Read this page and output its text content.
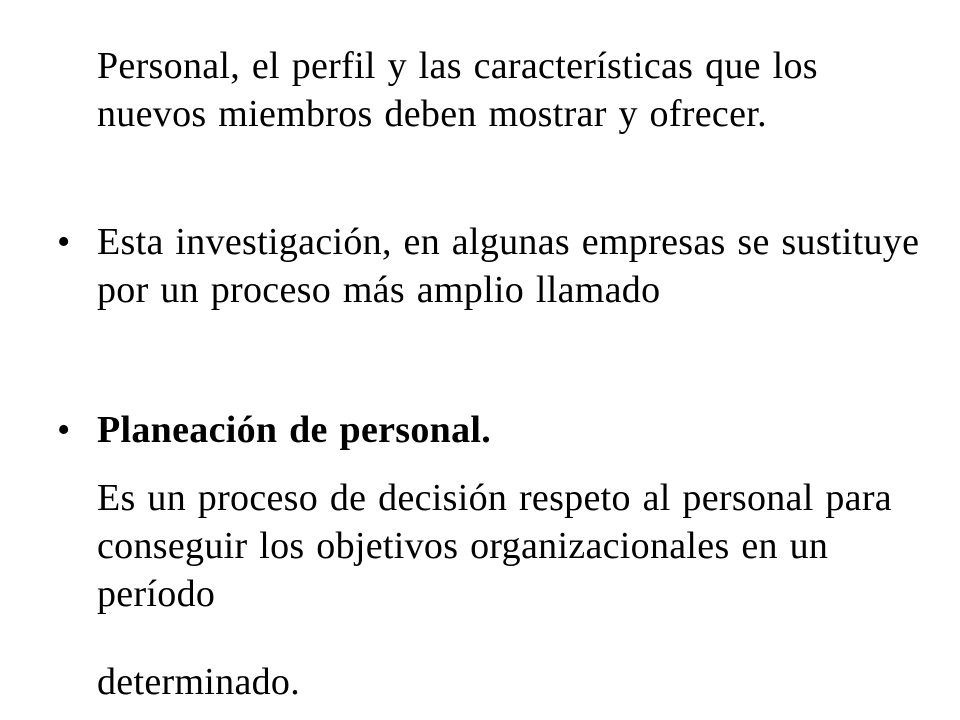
Personal, el perfil y las características que los nuevos miembros deben mostrar y ofrecer.

• Esta investigación, en algunas empresas se sustituye por un proceso más amplio llamado

• Planeación de personal.

Es un proceso de decisión respeto al personal para conseguir los objetivos organizacionales en un período

determinado.
